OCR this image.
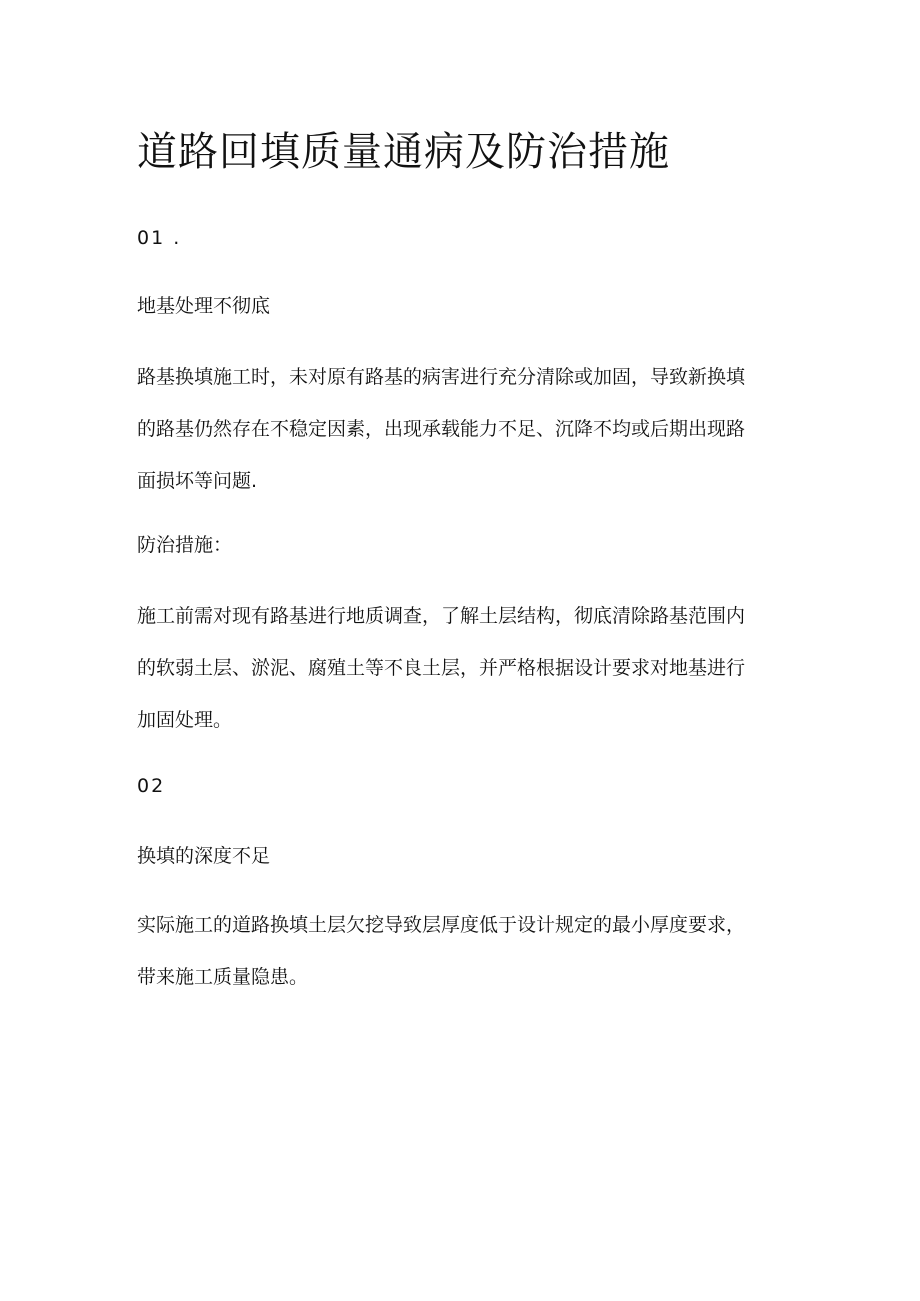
道路回填质量通病及防治措施

01 .

地基处理不彻底

路基换填施工时，未对原有路基的病害进行充分清除或加固，导致新换填
的路基仍然存在不稳定因素，出现承载能力不足、沉降不均或后期出现路
面损坏等问题.

防治措施：

施工前需对现有路基进行地质调查，了解土层结构，彻底清除路基范围内
的软弱土层、淤泥、腐殖土等不良土层，并严格根据设计要求对地基进行
加固处理。

02

换填的深度不足

实际施工的道路换填土层欠挖导致层厚度低于设计规定的最小厚度要求，
带来施工质量隐患。
